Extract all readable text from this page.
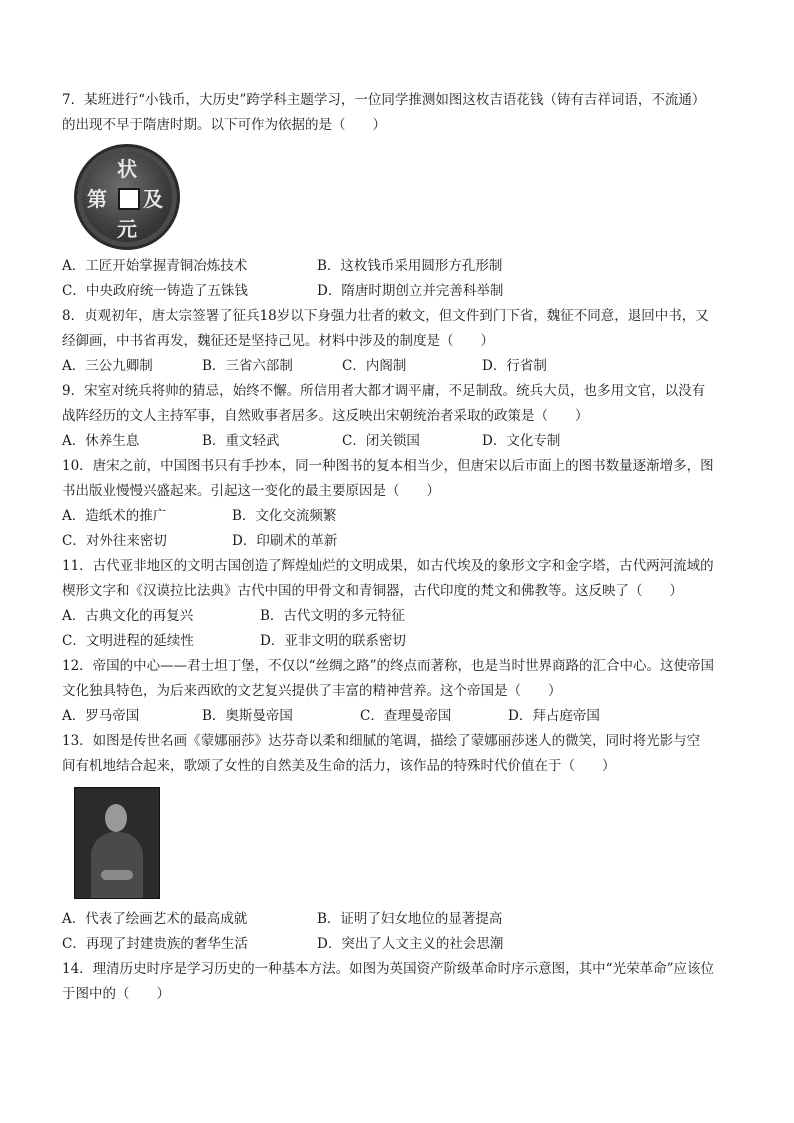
7．某班进行“小钱币，大历史”跨学科主题学习，一位同学推测如图这枚吉语花钱（铸有吉祥词语，不流通）
的出现不早于隋唐时期。以下可作为依据的是（　　）
状
及
第
元
A．工匠开始掌握青铜冶炼技术	B．这枚钱币采用圆形方孔形制
C．中央政府统一铸造了五铢钱	D．隋唐时期创立并完善科举制
8．贞观初年，唐太宗签署了征兵18岁以下身强力壮者的敕文，但文件到门下省，魏征不同意，退回中书，又
经御画，中书省再发，魏征还是坚持己见。材料中涉及的制度是（　　）
A．三公九卿制	B．三省六部制	C．内阁制	D．行省制
9．宋室对统兵将帅的猜忌，始终不懈。所信用者大都才调平庸，不足制敌。统兵大员，也多用文官，以没有
战阵经历的文人主持军事，自然败事者居多。这反映出宋朝统治者采取的政策是（　　）
A．休养生息	B．重文轻武	C．闭关锁国	D．文化专制
10．唐宋之前，中国图书只有手抄本，同一种图书的复本相当少，但唐宋以后市面上的图书数量逐渐增多，图
书出版业慢慢兴盛起来。引起这一变化的最主要原因是（　　）
A．造纸术的推广	B．文化交流频繁
C．对外往来密切	D．印刷术的革新
11．古代亚非地区的文明古国创造了辉煌灿烂的文明成果，如古代埃及的象形文字和金字塔，古代两河流域的
楔形文字和《汉谟拉比法典》古代中国的甲骨文和青铜器，古代印度的梵文和佛教等。这反映了（　　）
A．古典文化的再复兴	B．古代文明的多元特征
C．文明进程的延续性	D．亚非文明的联系密切
12．帝国的中心——君士坦丁堡，不仅以“丝绸之路”的终点而著称，也是当时世界商路的汇合中心。这使帝国
文化独具特色，为后来西欧的文艺复兴提供了丰富的精神营养。这个帝国是（　　）
A．罗马帝国	B．奥斯曼帝国	C．查理曼帝国	D．拜占庭帝国
13．如图是传世名画《蒙娜丽莎》达芬奇以柔和细腻的笔调，描绘了蒙娜丽莎迷人的微笑，同时将光影与空
间有机地结合起来，歌颂了女性的自然美及生命的活力，该作品的特殊时代价值在于（　　）
A．代表了绘画艺术的最高成就	B．证明了妇女地位的显著提高
C．再现了封建贵族的奢华生活	D．突出了人文主义的社会思潮
14．理清历史时序是学习历史的一种基本方法。如图为英国资产阶级革命时序示意图，其中“光荣革命”应该位
于图中的（　　）
